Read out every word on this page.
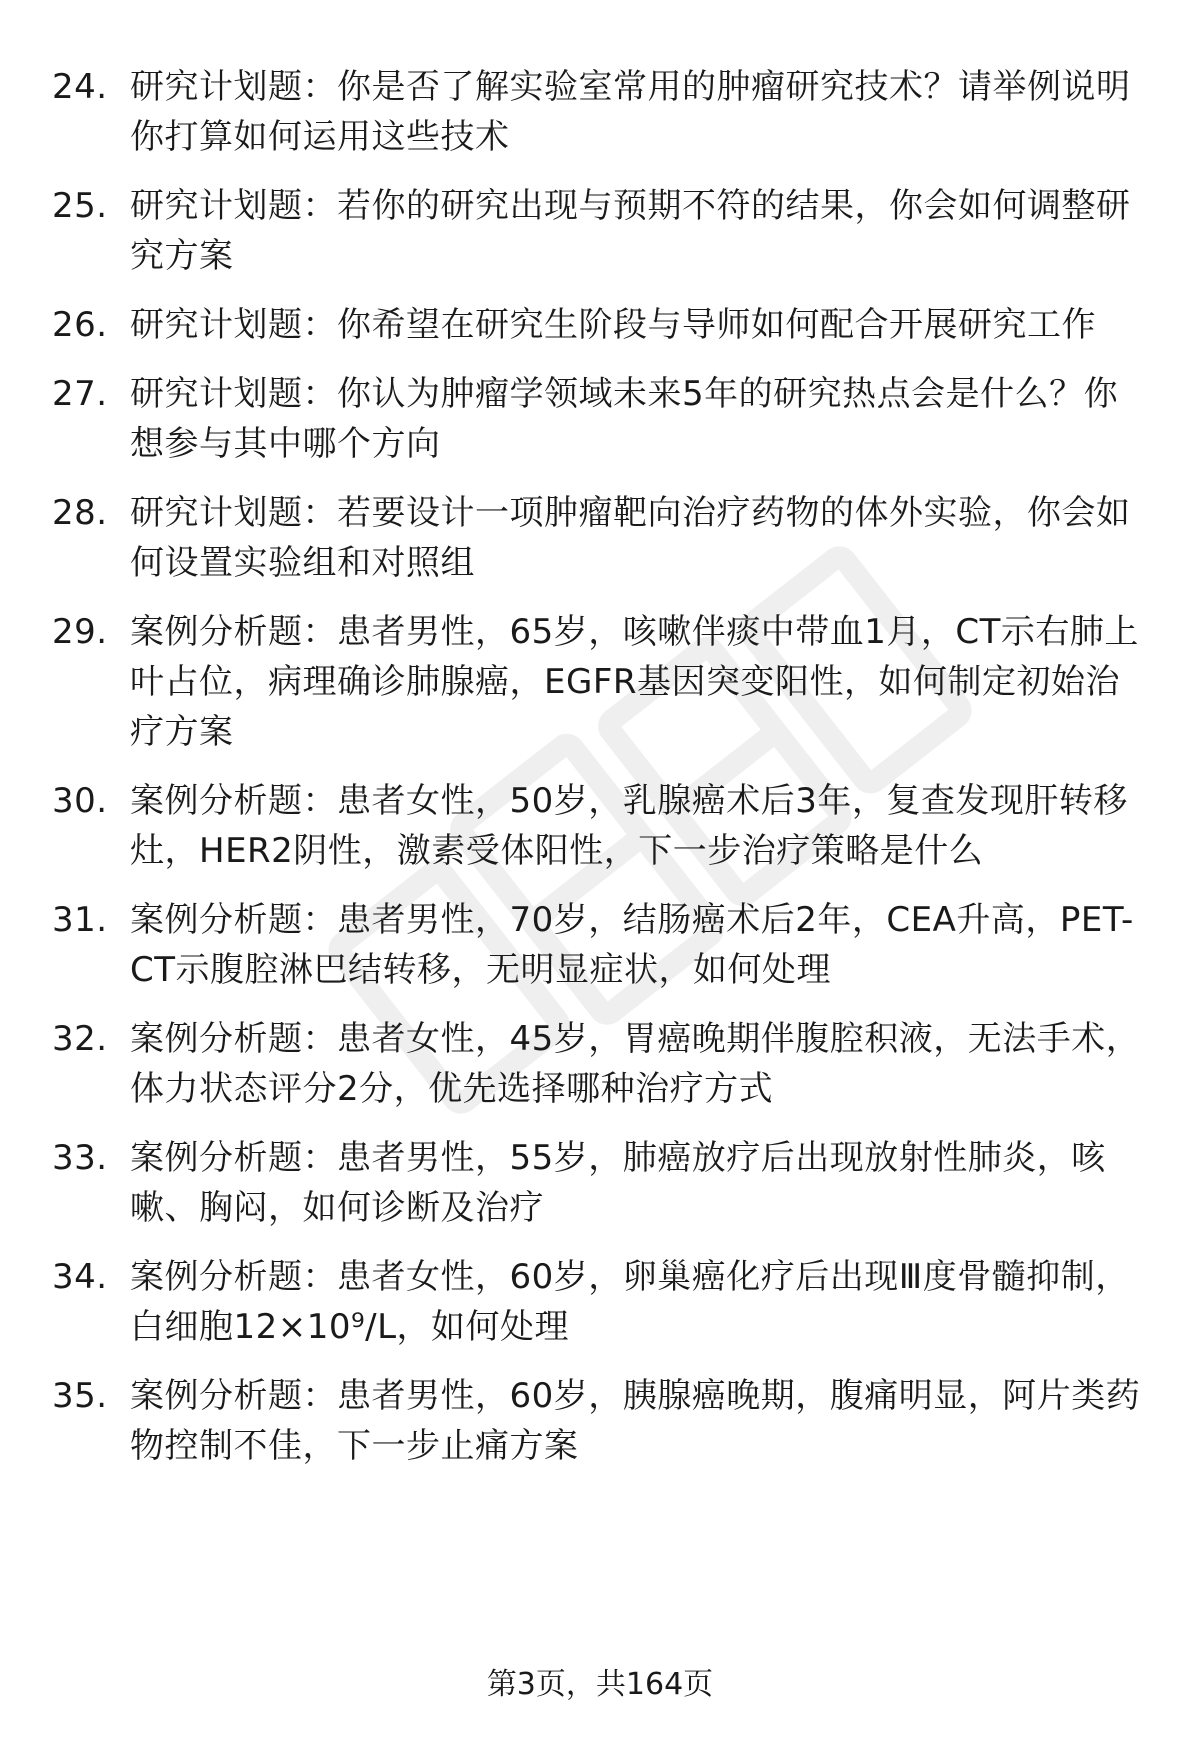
24. 研究计划题：你是否了解实验室常用的肿瘤研究技术？请举例说明你打算如何运用这些技术
25. 研究计划题：若你的研究出现与预期不符的结果，你会如何调整研究方案
26. 研究计划题：你希望在研究生阶段与导师如何配合开展研究工作
27. 研究计划题：你认为肿瘤学领域未来5年的研究热点会是什么？你想参与其中哪个方向
28. 研究计划题：若要设计一项肿瘤靶向治疗药物的体外实验，你会如何设置实验组和对照组
29. 案例分析题：患者男性，65岁，咳嗽伴痰中带血1月，CT示右肺上叶占位，病理确诊肺腺癌，EGFR基因突变阳性，如何制定初始治疗方案
30. 案例分析题：患者女性，50岁，乳腺癌术后3年，复查发现肝转移灶，HER2阴性，激素受体阳性，下一步治疗策略是什么
31. 案例分析题：患者男性，70岁，结肠癌术后2年，CEA升高，PET-CT示腹腔淋巴结转移，无明显症状，如何处理
32. 案例分析题：患者女性，45岁，胃癌晚期伴腹腔积液，无法手术，体力状态评分2分，优先选择哪种治疗方式
33. 案例分析题：患者男性，55岁，肺癌放疗后出现放射性肺炎，咳嗽、胸闷，如何诊断及治疗
34. 案例分析题：患者女性，60岁，卵巢癌化疗后出现Ⅲ度骨髓抑制，白细胞12×10⁹/L，如何处理
35. 案例分析题：患者男性，60岁，胰腺癌晚期，腹痛明显，阿片类药物控制不佳，下一步止痛方案
第3页，共164页
